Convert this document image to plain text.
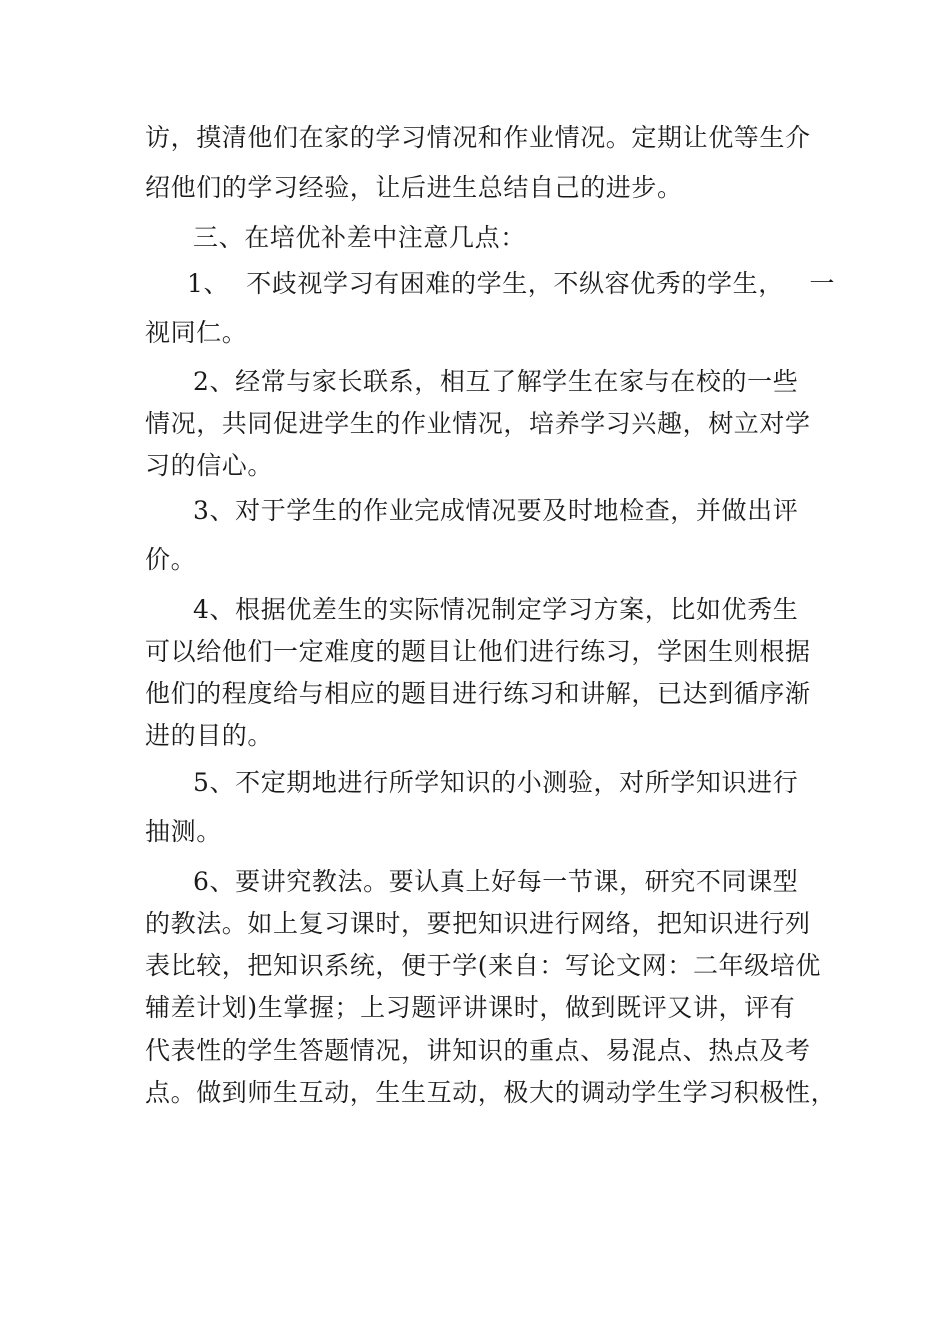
访，摸清他们在家的学习情况和作业情况。定期让优等生介
绍他们的学习经验，让后进生总结自己的进步。
三、在培优补差中注意几点：
1、  不歧视学习有困难的学生，不纵容优秀的学生，   一
视同仁。
2、经常与家长联系，相互了解学生在家与在校的一些
情况，共同促进学生的作业情况，培养学习兴趣，树立对学
习的信心。
3、对于学生的作业完成情况要及时地检查，并做出评
价。
4、根据优差生的实际情况制定学习方案，比如优秀生
可以给他们一定难度的题目让他们进行练习，学困生则根据
他们的程度给与相应的题目进行练习和讲解，已达到循序渐
进的目的。
5、不定期地进行所学知识的小测验，对所学知识进行
抽测。
6、要讲究教法。要认真上好每一节课，研究不同课型
的教法。如上复习课时，要把知识进行网络，把知识进行列
表比较，把知识系统，便于学(来自：写论文网：二年级培优
辅差计划)生掌握；上习题评讲课时，做到既评又讲，评有
代表性的学生答题情况，讲知识的重点、易混点、热点及考
点。做到师生互动，生生互动，极大的调动学生学习积极性，
